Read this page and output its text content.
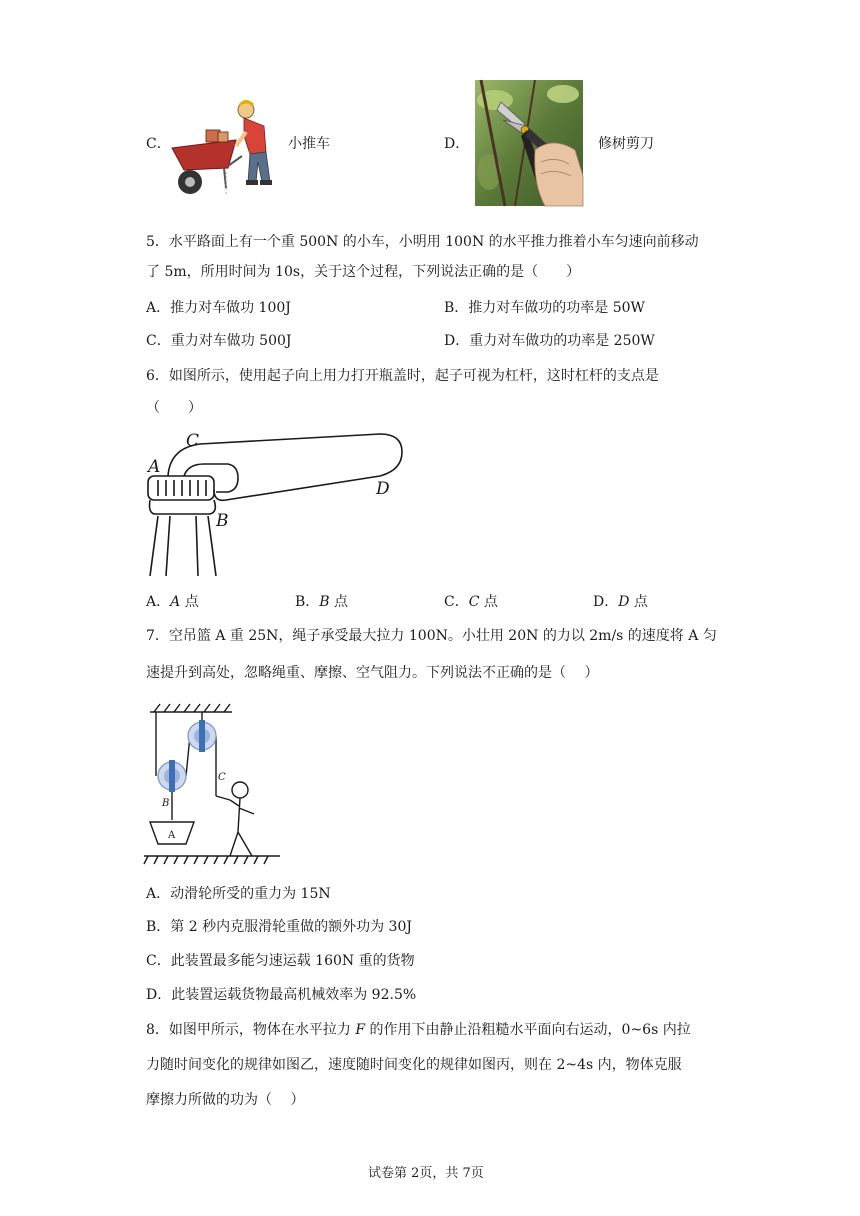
C．	小推车	D．	修树剪刀
5．水平路面上有一个重 500N 的小车，小明用 100N 的水平推力推着小车匀速向前移动
了 5m，所用时间为 10s，关于这个过程，下列说法正确的是（　　）
A．推力对车做功 100J	B．推力对车做功的功率是 50W
C．重力对车做功 500J	D．重力对车做功的功率是 250W
6．如图所示，使用起子向上用力打开瓶盖时，起子可视为杠杆，这时杠杆的支点是
（　　）
A
C
B
D
A．A 点	B．B 点	C．C 点	D．D 点
7．空吊篮 A 重 25N，绳子承受最大拉力 100N。小壮用 20N 的力以 2m/s 的速度将 A 匀
速提升到高处，忽略绳重、摩擦、空气阻力。下列说法不正确的是（　 ）
A
B
C
A．动滑轮所受的重力为 15N
B．第 2 秒内克服滑轮重做的额外功为 30J
C．此装置最多能匀速运载 160N 重的货物
D．此装置运载货物最高机械效率为 92.5%
8．如图甲所示，物体在水平拉力 F 的作用下由静止沿粗糙水平面向右运动，0~6s 内拉
力随时间变化的规律如图乙，速度随时间变化的规律如图丙，则在 2~4s 内，物体克服
摩擦力所做的功为（　 ）
试卷第 2页，共 7页
